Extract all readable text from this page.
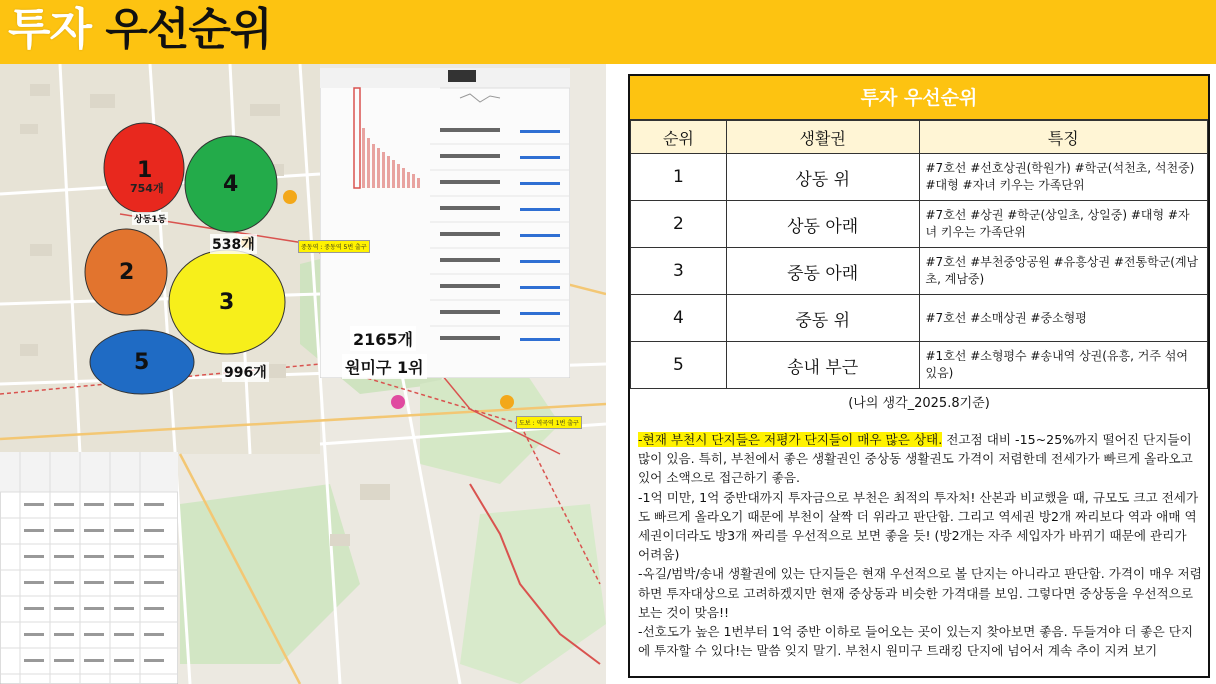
투자 우선순위
1
754개	4
2
3
5
상동1동
538개
996개
2165개
원미구 1위
중동역 : 중동역 5번 출구
도보 : 역곡역 1번 출구
투자 우선순위
순위	생활권	특징
1	상동 위	#7호선 #선호상권(학원가) #학군(석천초, 석천중) #대형 #자녀 키우는 가족단위
2	상동 아래	#7호선 #상권 #학군(상일초, 상일중) #대형 #자녀 키우는 가족단위
3	중동 아래	#7호선 #부천중앙공원 #유흥상권 #전통학군(계남초, 계남중)
4	중동 위	#7호선 #소매상권 #중소형평
5	송내 부근	#1호선 #소형평수 #송내역 상권(유흥, 거주 섞여 있음)
(나의 생각_2025.8기준)
-현재 부천시 단지들은 저평가 단지들이 매우 많은 상태. 전고점 대비 -15~25%까지 떨어진 단지들이 많이 있음. 특히, 부천에서 좋은 생활권인 중상동 생활권도 가격이 저렴한데 전세가가 빠르게 올라오고 있어 소액으로 접근하기 좋음.
-1억 미만, 1억 중반대까지 투자금으로 부천은 최적의 투자처! 산본과 비교했을 때, 규모도 크고 전세가도 빠르게 올라오기 때문에 부천이 살짝 더 위라고 판단함. 그리고 역세권 방2개 짜리보다 역과 애매 역세권이더라도 방3개 짜리를 우선적으로 보면 좋을 듯! (방2개는 자주 세입자가 바뀌기 때문에 관리가 어려움)
-옥길/범박/송내 생활권에 있는 단지들은 현재 우선적으로 볼 단지는 아니라고 판단함. 가격이 매우 저렴하면 투자대상으로 고려하겠지만 현재 중상동과 비슷한 가격대를 보임. 그렇다면 중상동을 우선적으로 보는 것이 맞음!!
-선호도가 높은 1번부터 1억 중반 이하로 들어오는 곳이 있는지 찾아보면 좋음. 두들겨야 더 좋은 단지에 투자할 수 있다!는 말씀 잊지 말기. 부천시 원미구 트래킹 단지에 넘어서 계속 추이 지켜 보기
